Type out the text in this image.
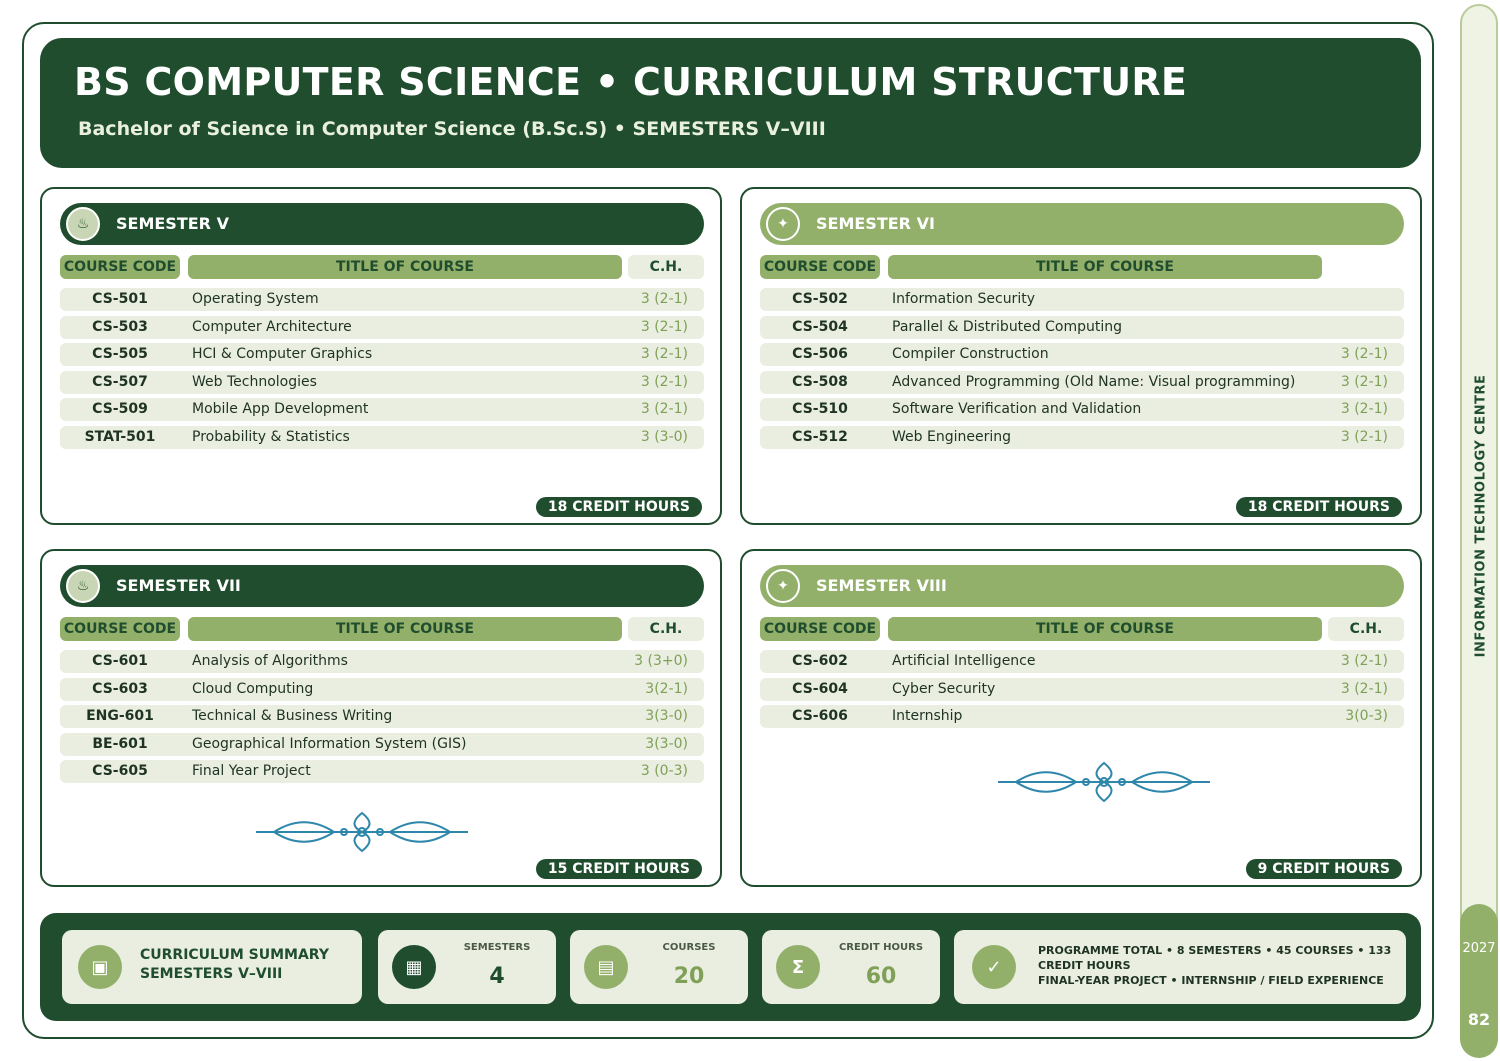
BS COMPUTER SCIENCE • CURRICULUM STRUCTURE
Bachelor of Science in Computer Science (B.Sc.S) • SEMESTERS V–VIII
♨	SEMESTER V
COURSE CODE	TITLE OF COURSE	C.H.
CS-501	Operating System	3 (2-1)
CS-503	Computer Architecture	3 (2-1)
CS-505	HCI & Computer Graphics	3 (2-1)
CS-507	Web Technologies	3 (2-1)
CS-509	Mobile App Development	3 (2-1)
STAT-501	Probability & Statistics	3 (3-0)
18 CREDIT HOURS
✦	SEMESTER VI
COURSE CODE	TITLE OF COURSE
CS-502	Information Security
CS-504	Parallel & Distributed Computing
CS-506	Compiler Construction	3 (2-1)
CS-508	Advanced Programming (Old Name: Visual programming)	3 (2-1)
CS-510	Software Verification and Validation	3 (2-1)
CS-512	Web Engineering	3 (2-1)
18 CREDIT HOURS
♨	SEMESTER VII
COURSE CODE	TITLE OF COURSE	C.H.
CS-601	Analysis of Algorithms	3 (3+0)
CS-603	Cloud Computing	3(2-1)
ENG-601	Technical & Business Writing	3(3-0)
BE-601	Geographical Information System (GIS)	3(3-0)
CS-605	Final Year Project	3 (0-3)
15 CREDIT HOURS
✦	SEMESTER VIII
COURSE CODE	TITLE OF COURSE	C.H.
CS-602	Artificial Intelligence	3 (2-1)
CS-604	Cyber Security	3 (2-1)
CS-606	Internship	3(0-3)
9 CREDIT HOURS
▣
CURRICULUM SUMMARY
SEMESTERS V–VIII	▦
SEMESTERS
4	▤
COURSES
20	Σ
CREDIT HOURS
60	✓
PROGRAMME TOTAL • 8 SEMESTERS • 45 COURSES • 133 CREDIT HOURS
FINAL-YEAR PROJECT • INTERNSHIP / FIELD EXPERIENCE
INFORMATION TECHNOLOGY CENTRE
2027
82
